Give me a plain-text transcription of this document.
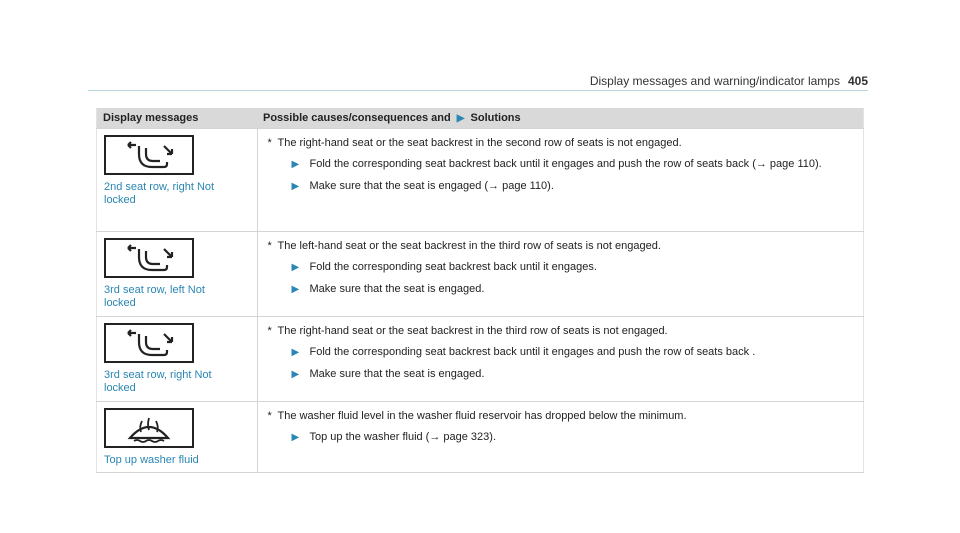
Display messages and warning/indicator lamps 405
Display messages	Possible causes/consequences and ▶ Solutions

2nd seat row, right Not locked	* The right-hand seat or the seat backrest in the second row of seats is not engaged.

▶ Fold the corresponding seat backrest back until it engages and push the row of seats back (→ page 110).

▶ Make sure that the seat is engaged (→ page 110).

3rd seat row, left Not locked	* The left-hand seat or the seat backrest in the third row of seats is not engaged.

▶ Fold the corresponding seat backrest back until it engages.

▶ Make sure that the seat is engaged.

3rd seat row, right Not locked	* The right-hand seat or the seat backrest in the third row of seats is not engaged.

▶ Fold the corresponding seat backrest back until it engages and push the row of seats back .

▶ Make sure that the seat is engaged.

Top up washer fluid	* The washer fluid level in the washer fluid reservoir has dropped below the minimum.

▶ Top up the washer fluid (→ page 323).
